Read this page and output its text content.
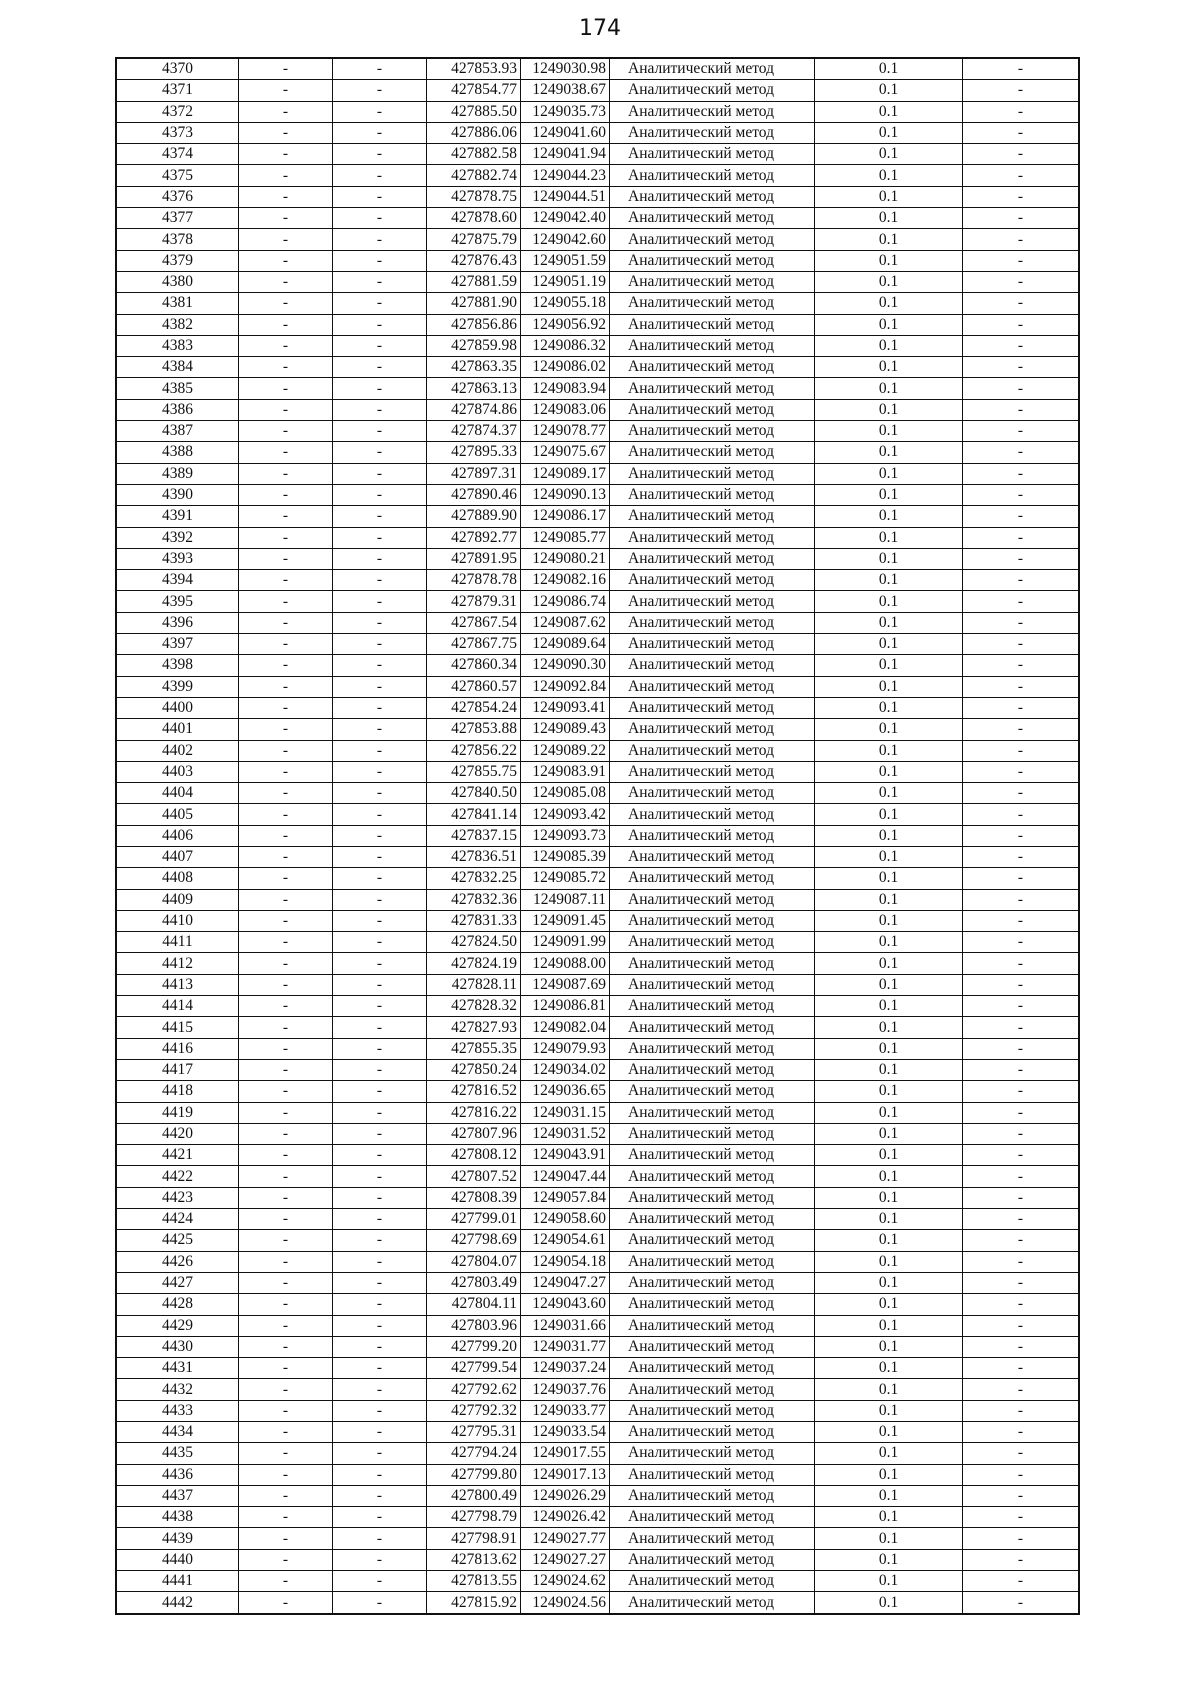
174
4370	-	-	427853.93	1249030.98	Аналитический метод	0.1	-
4371	-	-	427854.77	1249038.67	Аналитический метод	0.1	-
4372	-	-	427885.50	1249035.73	Аналитический метод	0.1	-
4373	-	-	427886.06	1249041.60	Аналитический метод	0.1	-
4374	-	-	427882.58	1249041.94	Аналитический метод	0.1	-
4375	-	-	427882.74	1249044.23	Аналитический метод	0.1	-
4376	-	-	427878.75	1249044.51	Аналитический метод	0.1	-
4377	-	-	427878.60	1249042.40	Аналитический метод	0.1	-
4378	-	-	427875.79	1249042.60	Аналитический метод	0.1	-
4379	-	-	427876.43	1249051.59	Аналитический метод	0.1	-
4380	-	-	427881.59	1249051.19	Аналитический метод	0.1	-
4381	-	-	427881.90	1249055.18	Аналитический метод	0.1	-
4382	-	-	427856.86	1249056.92	Аналитический метод	0.1	-
4383	-	-	427859.98	1249086.32	Аналитический метод	0.1	-
4384	-	-	427863.35	1249086.02	Аналитический метод	0.1	-
4385	-	-	427863.13	1249083.94	Аналитический метод	0.1	-
4386	-	-	427874.86	1249083.06	Аналитический метод	0.1	-
4387	-	-	427874.37	1249078.77	Аналитический метод	0.1	-
4388	-	-	427895.33	1249075.67	Аналитический метод	0.1	-
4389	-	-	427897.31	1249089.17	Аналитический метод	0.1	-
4390	-	-	427890.46	1249090.13	Аналитический метод	0.1	-
4391	-	-	427889.90	1249086.17	Аналитический метод	0.1	-
4392	-	-	427892.77	1249085.77	Аналитический метод	0.1	-
4393	-	-	427891.95	1249080.21	Аналитический метод	0.1	-
4394	-	-	427878.78	1249082.16	Аналитический метод	0.1	-
4395	-	-	427879.31	1249086.74	Аналитический метод	0.1	-
4396	-	-	427867.54	1249087.62	Аналитический метод	0.1	-
4397	-	-	427867.75	1249089.64	Аналитический метод	0.1	-
4398	-	-	427860.34	1249090.30	Аналитический метод	0.1	-
4399	-	-	427860.57	1249092.84	Аналитический метод	0.1	-
4400	-	-	427854.24	1249093.41	Аналитический метод	0.1	-
4401	-	-	427853.88	1249089.43	Аналитический метод	0.1	-
4402	-	-	427856.22	1249089.22	Аналитический метод	0.1	-
4403	-	-	427855.75	1249083.91	Аналитический метод	0.1	-
4404	-	-	427840.50	1249085.08	Аналитический метод	0.1	-
4405	-	-	427841.14	1249093.42	Аналитический метод	0.1	-
4406	-	-	427837.15	1249093.73	Аналитический метод	0.1	-
4407	-	-	427836.51	1249085.39	Аналитический метод	0.1	-
4408	-	-	427832.25	1249085.72	Аналитический метод	0.1	-
4409	-	-	427832.36	1249087.11	Аналитический метод	0.1	-
4410	-	-	427831.33	1249091.45	Аналитический метод	0.1	-
4411	-	-	427824.50	1249091.99	Аналитический метод	0.1	-
4412	-	-	427824.19	1249088.00	Аналитический метод	0.1	-
4413	-	-	427828.11	1249087.69	Аналитический метод	0.1	-
4414	-	-	427828.32	1249086.81	Аналитический метод	0.1	-
4415	-	-	427827.93	1249082.04	Аналитический метод	0.1	-
4416	-	-	427855.35	1249079.93	Аналитический метод	0.1	-
4417	-	-	427850.24	1249034.02	Аналитический метод	0.1	-
4418	-	-	427816.52	1249036.65	Аналитический метод	0.1	-
4419	-	-	427816.22	1249031.15	Аналитический метод	0.1	-
4420	-	-	427807.96	1249031.52	Аналитический метод	0.1	-
4421	-	-	427808.12	1249043.91	Аналитический метод	0.1	-
4422	-	-	427807.52	1249047.44	Аналитический метод	0.1	-
4423	-	-	427808.39	1249057.84	Аналитический метод	0.1	-
4424	-	-	427799.01	1249058.60	Аналитический метод	0.1	-
4425	-	-	427798.69	1249054.61	Аналитический метод	0.1	-
4426	-	-	427804.07	1249054.18	Аналитический метод	0.1	-
4427	-	-	427803.49	1249047.27	Аналитический метод	0.1	-
4428	-	-	427804.11	1249043.60	Аналитический метод	0.1	-
4429	-	-	427803.96	1249031.66	Аналитический метод	0.1	-
4430	-	-	427799.20	1249031.77	Аналитический метод	0.1	-
4431	-	-	427799.54	1249037.24	Аналитический метод	0.1	-
4432	-	-	427792.62	1249037.76	Аналитический метод	0.1	-
4433	-	-	427792.32	1249033.77	Аналитический метод	0.1	-
4434	-	-	427795.31	1249033.54	Аналитический метод	0.1	-
4435	-	-	427794.24	1249017.55	Аналитический метод	0.1	-
4436	-	-	427799.80	1249017.13	Аналитический метод	0.1	-
4437	-	-	427800.49	1249026.29	Аналитический метод	0.1	-
4438	-	-	427798.79	1249026.42	Аналитический метод	0.1	-
4439	-	-	427798.91	1249027.77	Аналитический метод	0.1	-
4440	-	-	427813.62	1249027.27	Аналитический метод	0.1	-
4441	-	-	427813.55	1249024.62	Аналитический метод	0.1	-
4442	-	-	427815.92	1249024.56	Аналитический метод	0.1	-
